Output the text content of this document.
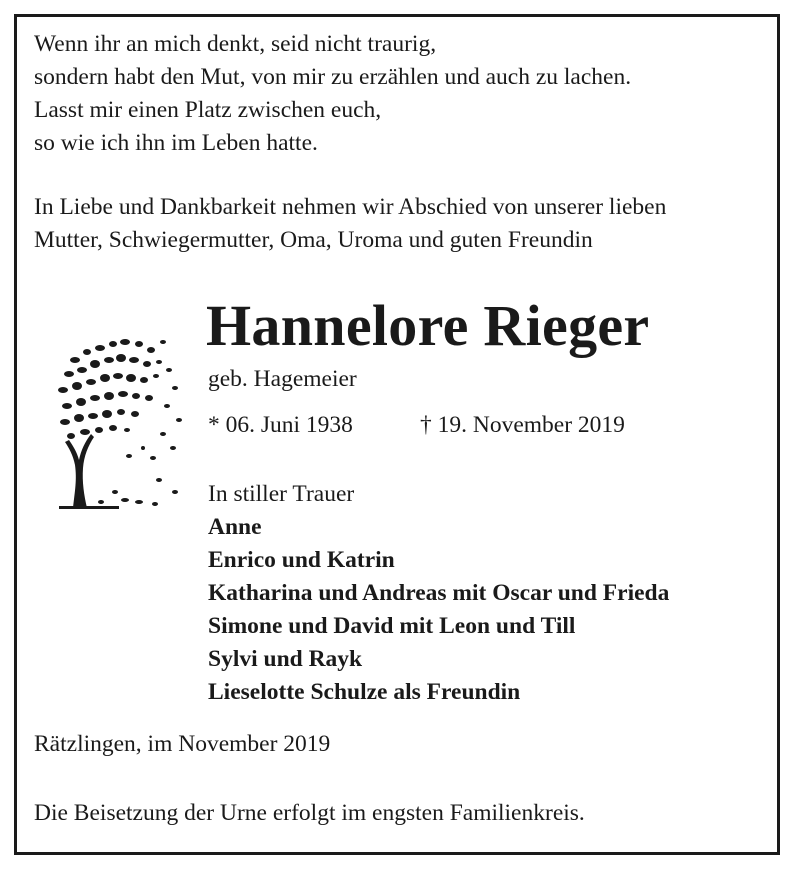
Wenn ihr an mich denkt, seid nicht traurig,
sondern habt den Mut, von mir zu erzählen und auch zu lachen.
Lasst mir einen Platz zwischen euch,
so wie ich ihn im Leben hatte.
In Liebe und Dankbarkeit nehmen wir Abschied von unserer lieben
Mutter, Schwiegermutter, Oma, Uroma und guten Freundin
Hannelore Rieger
geb. Hagemeier
* 06. Juni 1938	† 19. November 2019
In stiller Trauer
Anne
Enrico und Katrin
Katharina und Andreas mit Oscar und Frieda
Simone und David mit Leon und Till
Sylvi und Rayk
Lieselotte Schulze als Freundin
Rätzlingen, im November 2019
Die Beisetzung der Urne erfolgt im engsten Familienkreis.
